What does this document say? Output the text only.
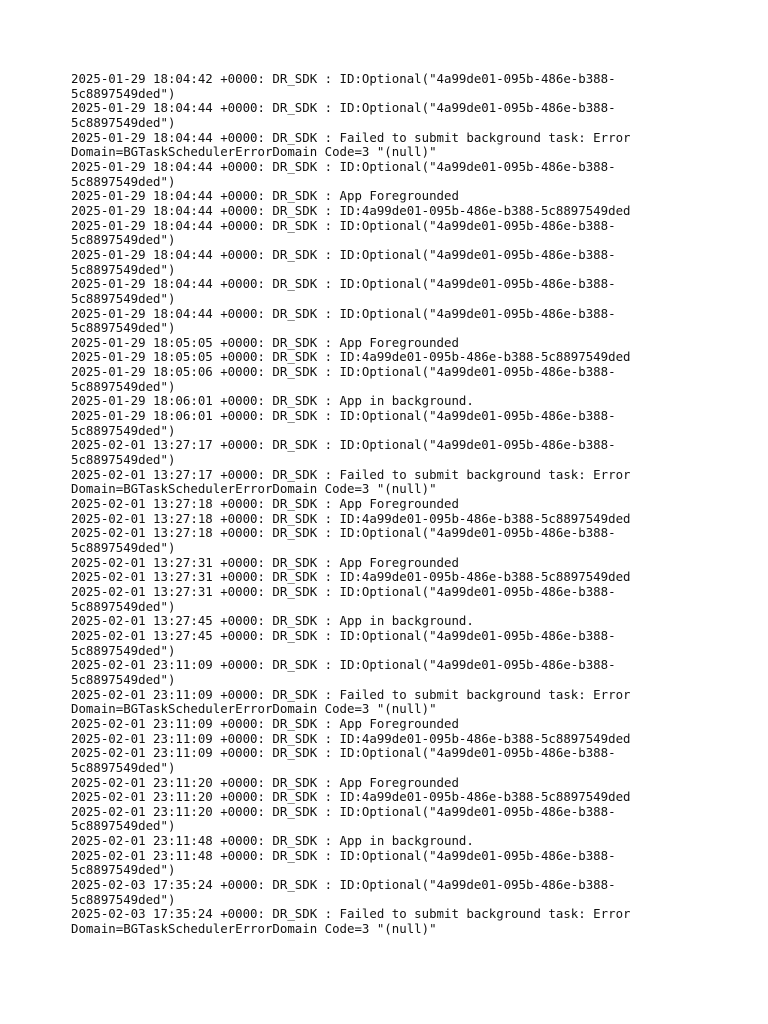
2025-01-29 18:04:42 +0000: DR_SDK : ID:Optional("4a99de01-095b-486e-b388-
5c8897549ded")
2025-01-29 18:04:44 +0000: DR_SDK : ID:Optional("4a99de01-095b-486e-b388-
5c8897549ded")
2025-01-29 18:04:44 +0000: DR_SDK : Failed to submit background task: Error
Domain=BGTaskSchedulerErrorDomain Code=3 "(null)"
2025-01-29 18:04:44 +0000: DR_SDK : ID:Optional("4a99de01-095b-486e-b388-
5c8897549ded")
2025-01-29 18:04:44 +0000: DR_SDK : App Foregrounded
2025-01-29 18:04:44 +0000: DR_SDK : ID:4a99de01-095b-486e-b388-5c8897549ded
2025-01-29 18:04:44 +0000: DR_SDK : ID:Optional("4a99de01-095b-486e-b388-
5c8897549ded")
2025-01-29 18:04:44 +0000: DR_SDK : ID:Optional("4a99de01-095b-486e-b388-
5c8897549ded")
2025-01-29 18:04:44 +0000: DR_SDK : ID:Optional("4a99de01-095b-486e-b388-
5c8897549ded")
2025-01-29 18:04:44 +0000: DR_SDK : ID:Optional("4a99de01-095b-486e-b388-
5c8897549ded")
2025-01-29 18:05:05 +0000: DR_SDK : App Foregrounded
2025-01-29 18:05:05 +0000: DR_SDK : ID:4a99de01-095b-486e-b388-5c8897549ded
2025-01-29 18:05:06 +0000: DR_SDK : ID:Optional("4a99de01-095b-486e-b388-
5c8897549ded")
2025-01-29 18:06:01 +0000: DR_SDK : App in background.
2025-01-29 18:06:01 +0000: DR_SDK : ID:Optional("4a99de01-095b-486e-b388-
5c8897549ded")
2025-02-01 13:27:17 +0000: DR_SDK : ID:Optional("4a99de01-095b-486e-b388-
5c8897549ded")
2025-02-01 13:27:17 +0000: DR_SDK : Failed to submit background task: Error
Domain=BGTaskSchedulerErrorDomain Code=3 "(null)"
2025-02-01 13:27:18 +0000: DR_SDK : App Foregrounded
2025-02-01 13:27:18 +0000: DR_SDK : ID:4a99de01-095b-486e-b388-5c8897549ded
2025-02-01 13:27:18 +0000: DR_SDK : ID:Optional("4a99de01-095b-486e-b388-
5c8897549ded")
2025-02-01 13:27:31 +0000: DR_SDK : App Foregrounded
2025-02-01 13:27:31 +0000: DR_SDK : ID:4a99de01-095b-486e-b388-5c8897549ded
2025-02-01 13:27:31 +0000: DR_SDK : ID:Optional("4a99de01-095b-486e-b388-
5c8897549ded")
2025-02-01 13:27:45 +0000: DR_SDK : App in background.
2025-02-01 13:27:45 +0000: DR_SDK : ID:Optional("4a99de01-095b-486e-b388-
5c8897549ded")
2025-02-01 23:11:09 +0000: DR_SDK : ID:Optional("4a99de01-095b-486e-b388-
5c8897549ded")
2025-02-01 23:11:09 +0000: DR_SDK : Failed to submit background task: Error
Domain=BGTaskSchedulerErrorDomain Code=3 "(null)"
2025-02-01 23:11:09 +0000: DR_SDK : App Foregrounded
2025-02-01 23:11:09 +0000: DR_SDK : ID:4a99de01-095b-486e-b388-5c8897549ded
2025-02-01 23:11:09 +0000: DR_SDK : ID:Optional("4a99de01-095b-486e-b388-
5c8897549ded")
2025-02-01 23:11:20 +0000: DR_SDK : App Foregrounded
2025-02-01 23:11:20 +0000: DR_SDK : ID:4a99de01-095b-486e-b388-5c8897549ded
2025-02-01 23:11:20 +0000: DR_SDK : ID:Optional("4a99de01-095b-486e-b388-
5c8897549ded")
2025-02-01 23:11:48 +0000: DR_SDK : App in background.
2025-02-01 23:11:48 +0000: DR_SDK : ID:Optional("4a99de01-095b-486e-b388-
5c8897549ded")
2025-02-03 17:35:24 +0000: DR_SDK : ID:Optional("4a99de01-095b-486e-b388-
5c8897549ded")
2025-02-03 17:35:24 +0000: DR_SDK : Failed to submit background task: Error
Domain=BGTaskSchedulerErrorDomain Code=3 "(null)"
